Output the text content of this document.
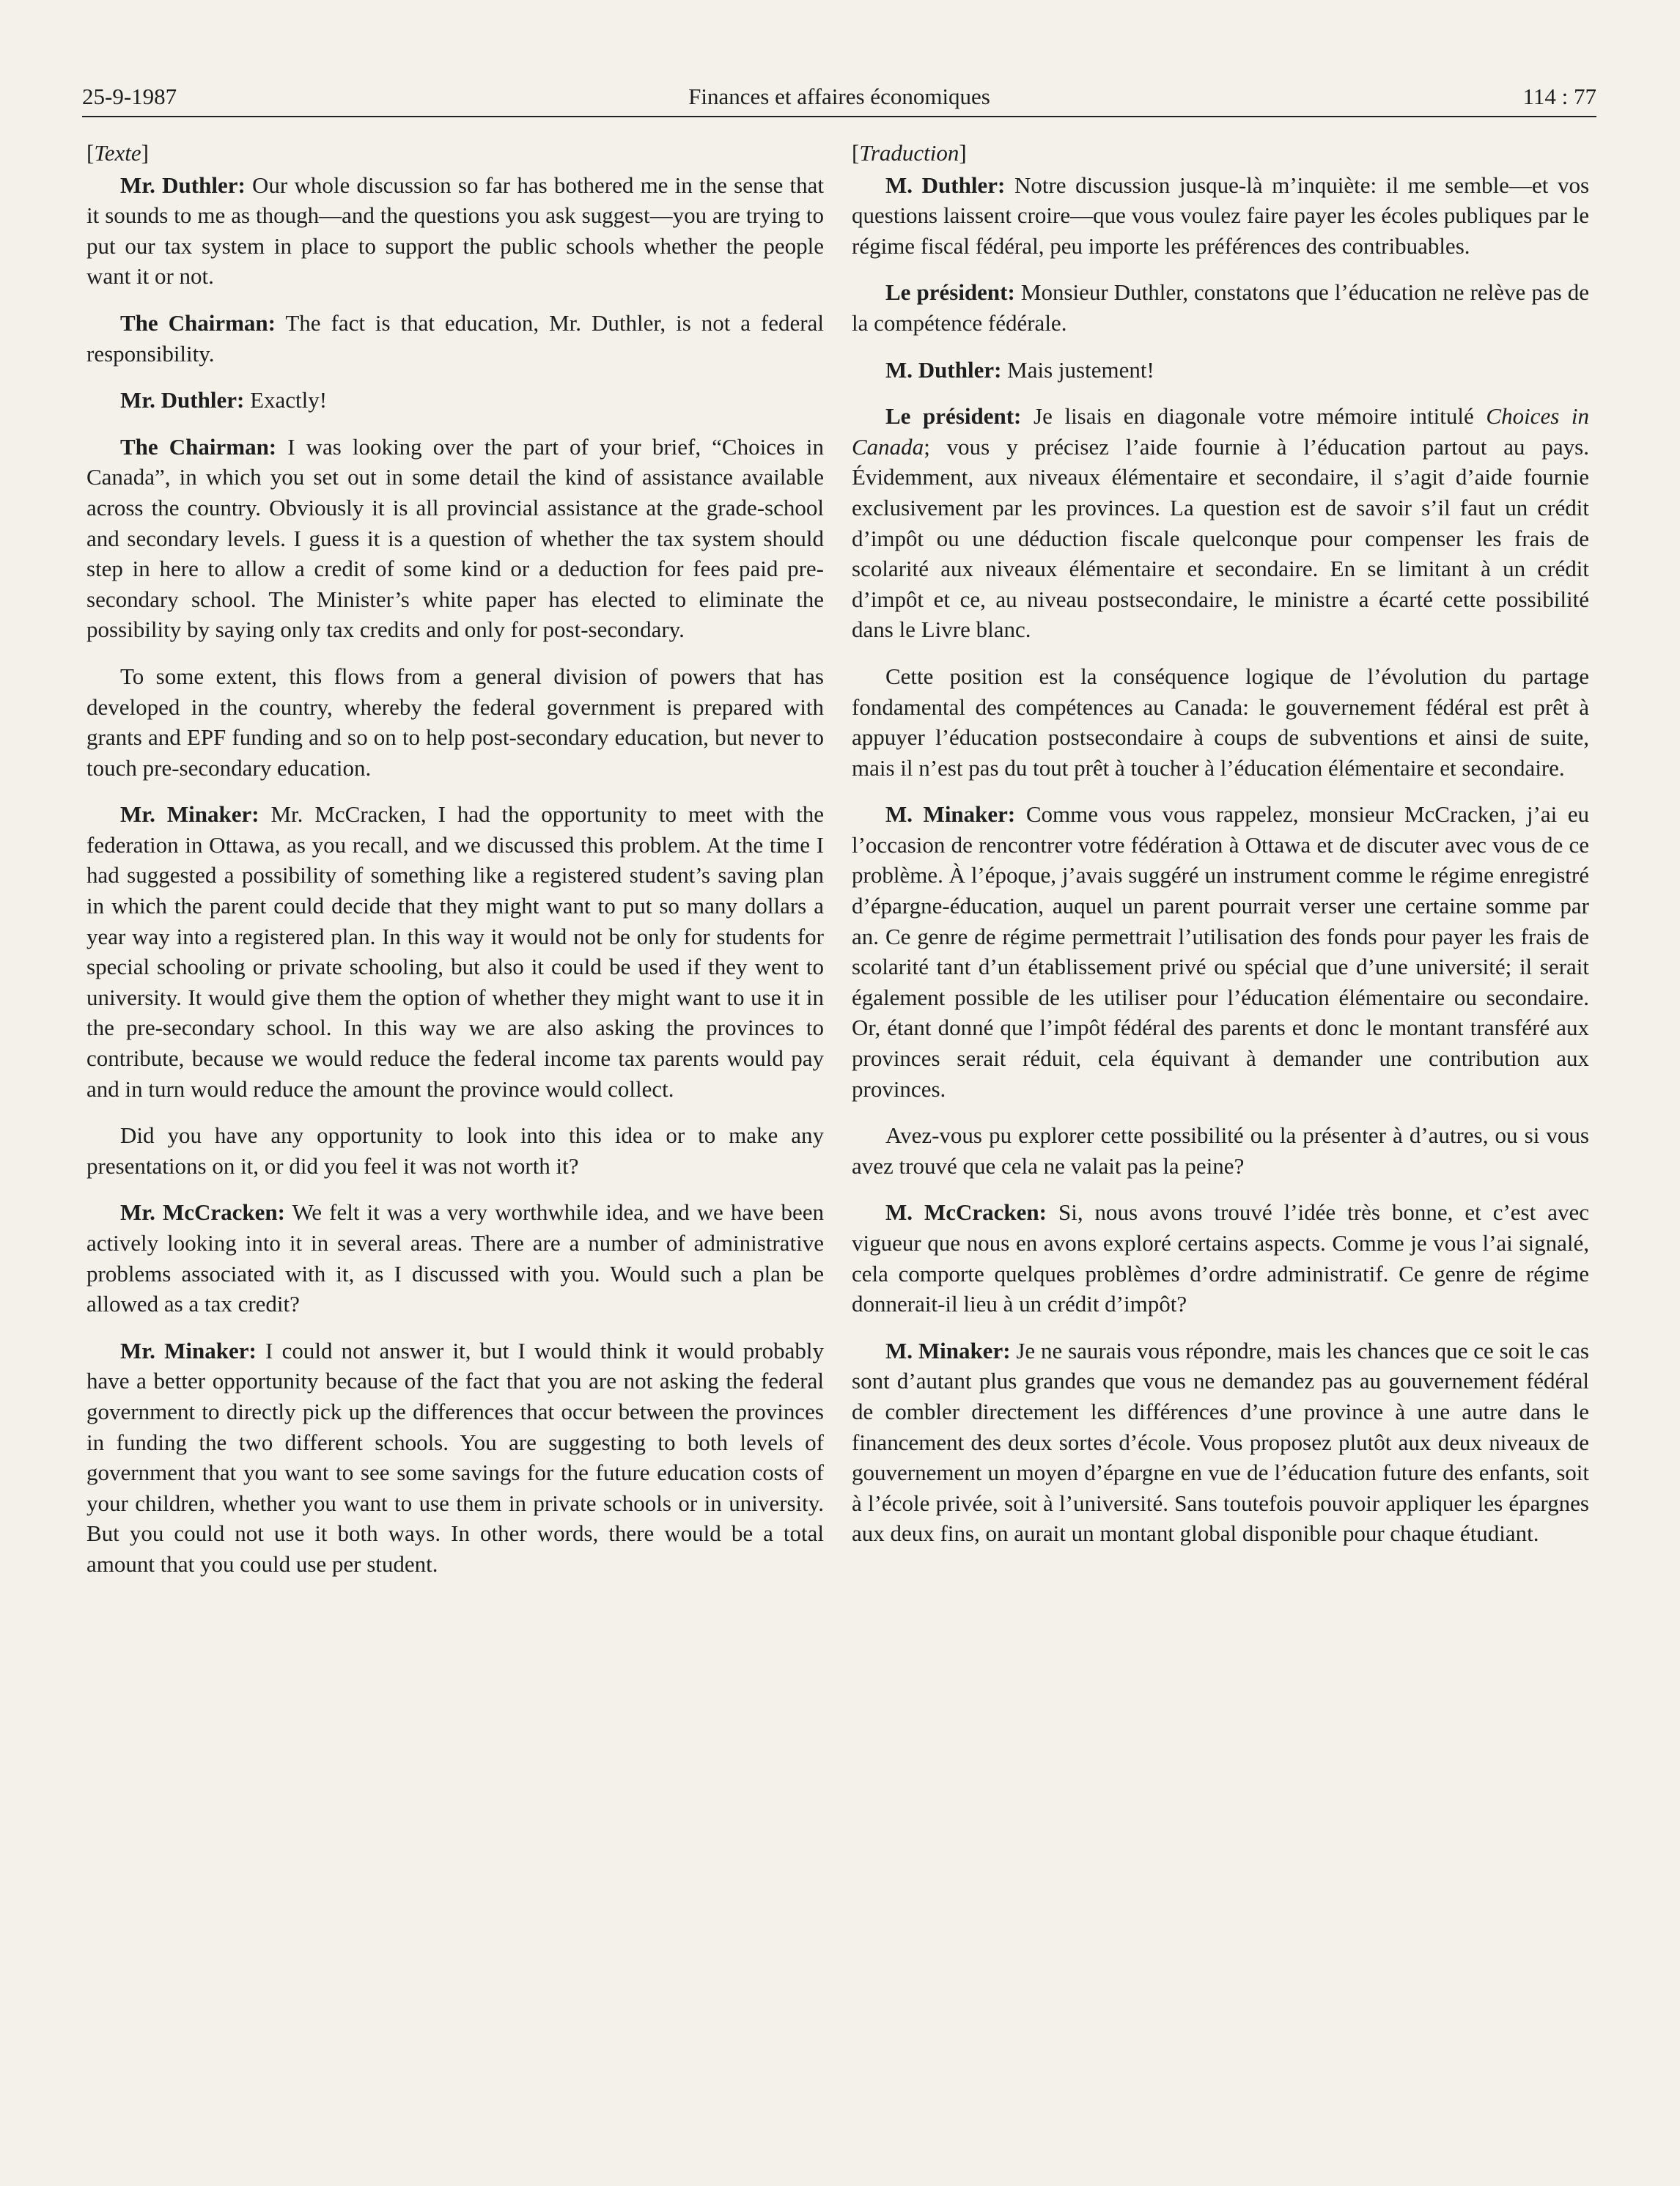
25-9-1987	Finances et affaires économiques	114 : 77

[Texte]

Mr. Duthler: Our whole discussion so far has bothered me in the sense that it sounds to me as though—and the questions you ask suggest—you are trying to put our tax system in place to support the public schools whether the people want it or not.

The Chairman: The fact is that education, Mr. Duthler, is not a federal responsibility.

Mr. Duthler: Exactly!

The Chairman: I was looking over the part of your brief, “Choices in Canada”, in which you set out in some detail the kind of assistance available across the country. Obviously it is all provincial assistance at the grade-school and secondary levels. I guess it is a question of whether the tax system should step in here to allow a credit of some kind or a deduction for fees paid pre-secondary school. The Minister’s white paper has elected to eliminate the possibility by saying only tax credits and only for post-secondary.

To some extent, this flows from a general division of powers that has developed in the country, whereby the federal government is prepared with grants and EPF funding and so on to help post-secondary education, but never to touch pre-secondary education.

Mr. Minaker: Mr. McCracken, I had the opportunity to meet with the federation in Ottawa, as you recall, and we discussed this problem. At the time I had suggested a possibility of something like a registered student’s saving plan in which the parent could decide that they might want to put so many dollars a year way into a registered plan. In this way it would not be only for students for special schooling or private schooling, but also it could be used if they went to university. It would give them the option of whether they might want to use it in the pre-secondary school. In this way we are also asking the provinces to contribute, because we would reduce the federal income tax parents would pay and in turn would reduce the amount the province would collect.

Did you have any opportunity to look into this idea or to make any presentations on it, or did you feel it was not worth it?

Mr. McCracken: We felt it was a very worthwhile idea, and we have been actively looking into it in several areas. There are a number of administrative problems associated with it, as I discussed with you. Would such a plan be allowed as a tax credit?

Mr. Minaker: I could not answer it, but I would think it would probably have a better opportunity because of the fact that you are not asking the federal government to directly pick up the differences that occur between the provinces in funding the two different schools. You are suggesting to both levels of government that you want to see some savings for the future education costs of your children, whether you want to use them in private schools or in university. But you could not use it both ways. In other words, there would be a total amount that you could use per student.

[Traduction]

M. Duthler: Notre discussion jusque-là m’inquiète: il me semble—et vos questions laissent croire—que vous voulez faire payer les écoles publiques par le régime fiscal fédéral, peu importe les préférences des contribuables.

Le président: Monsieur Duthler, constatons que l’éducation ne relève pas de la compétence fédérale.

M. Duthler: Mais justement!

Le président: Je lisais en diagonale votre mémoire intitulé Choices in Canada; vous y précisez l’aide fournie à l’éducation partout au pays. Évidemment, aux niveaux élémentaire et secondaire, il s’agit d’aide fournie exclusivement par les provinces. La question est de savoir s’il faut un crédit d’impôt ou une déduction fiscale quelconque pour compenser les frais de scolarité aux niveaux élémentaire et secondaire. En se limitant à un crédit d’impôt et ce, au niveau postsecondaire, le ministre a écarté cette possibilité dans le Livre blanc.

Cette position est la conséquence logique de l’évolution du partage fondamental des compétences au Canada: le gouvernement fédéral est prêt à appuyer l’éducation postsecondaire à coups de subventions et ainsi de suite, mais il n’est pas du tout prêt à toucher à l’éducation élémentaire et secondaire.

M. Minaker: Comme vous vous rappelez, monsieur McCracken, j’ai eu l’occasion de rencontrer votre fédération à Ottawa et de discuter avec vous de ce problème. À l’époque, j’avais suggéré un instrument comme le régime enregistré d’épargne-éducation, auquel un parent pourrait verser une certaine somme par an. Ce genre de régime permettrait l’utilisation des fonds pour payer les frais de scolarité tant d’un établissement privé ou spécial que d’une université; il serait également possible de les utiliser pour l’éducation élémentaire ou secondaire. Or, étant donné que l’impôt fédéral des parents et donc le montant transféré aux provinces serait réduit, cela équivant à demander une contribution aux provinces.

Avez-vous pu explorer cette possibilité ou la présenter à d’autres, ou si vous avez trouvé que cela ne valait pas la peine?

M. McCracken: Si, nous avons trouvé l’idée très bonne, et c’est avec vigueur que nous en avons exploré certains aspects. Comme je vous l’ai signalé, cela comporte quelques problèmes d’ordre administratif. Ce genre de régime donnerait-il lieu à un crédit d’impôt?

M. Minaker: Je ne saurais vous répondre, mais les chances que ce soit le cas sont d’autant plus grandes que vous ne demandez pas au gouvernement fédéral de combler directement les différences d’une province à une autre dans le financement des deux sortes d’école. Vous proposez plutôt aux deux niveaux de gouvernement un moyen d’épargne en vue de l’éducation future des enfants, soit à l’école privée, soit à l’université. Sans toutefois pouvoir appliquer les épargnes aux deux fins, on aurait un montant global disponible pour chaque étudiant.
